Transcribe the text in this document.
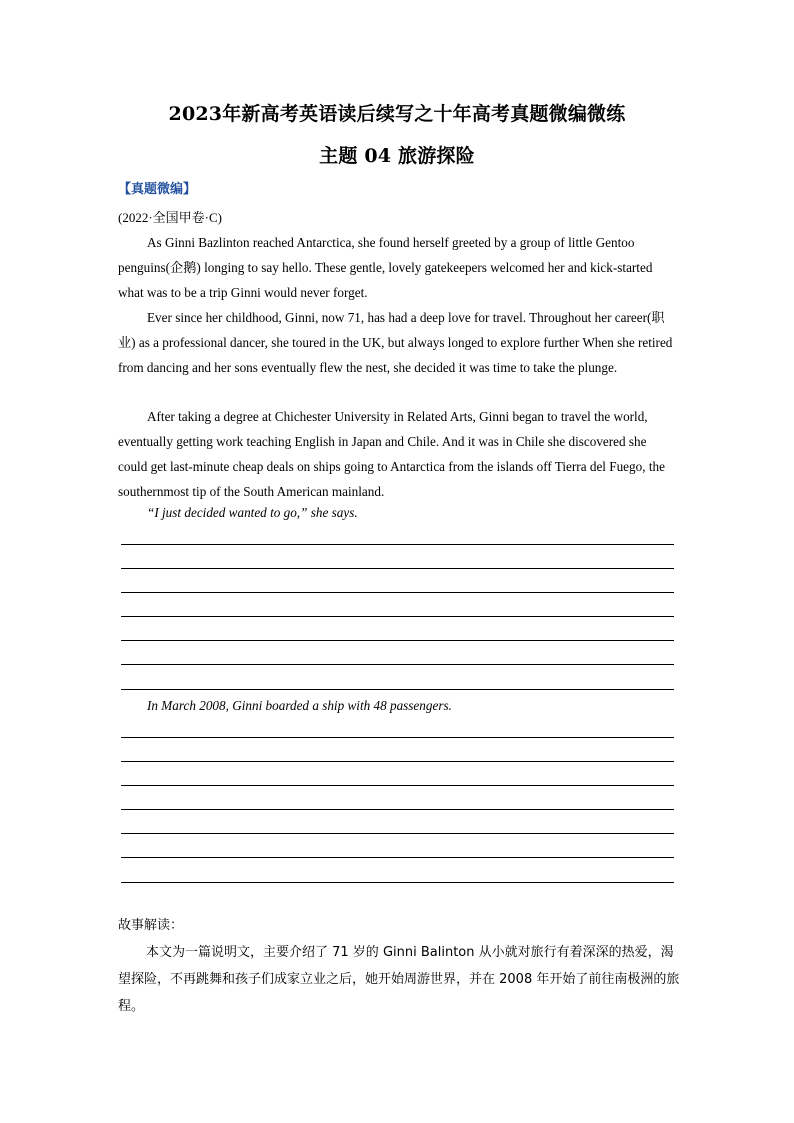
2023年新高考英语读后续写之十年高考真题微编微练
主题 04 旅游探险
【真题微编】
(2022·全国甲卷·C)
As Ginni Bazlinton reached Antarctica, she found herself greeted by a group of little Gentoo penguins(企鹅) longing to say hello. These gentle, lovely gatekeepers welcomed her and kick-started what was to be a trip Ginni would never forget.
Ever since her childhood, Ginni, now 71, has had a deep love for travel. Throughout her career(职业) as a professional dancer, she toured in the UK, but always longed to explore further When she retired from dancing and her sons eventually flew the nest, she decided it was time to take the plunge.
After taking a degree at Chichester University in Related Arts, Ginni began to travel the world, eventually getting work teaching English in Japan and Chile. And it was in Chile she discovered she could get last-minute cheap deals on ships going to Antarctica from the islands off Tierra del Fuego, the southernmost tip of the South American mainland.
“I just decided wanted to go,” she says.
In March 2008, Ginni boarded a ship with 48 passengers.
故事解读：
本文为一篇说明文，主要介绍了 71 岁的 Ginni Balinton 从小就对旅行有着深深的热爱，渴望探险，不再跳舞和孩子们成家立业之后，她开始周游世界，并在 2008 年开始了前往南极洲的旅程。
